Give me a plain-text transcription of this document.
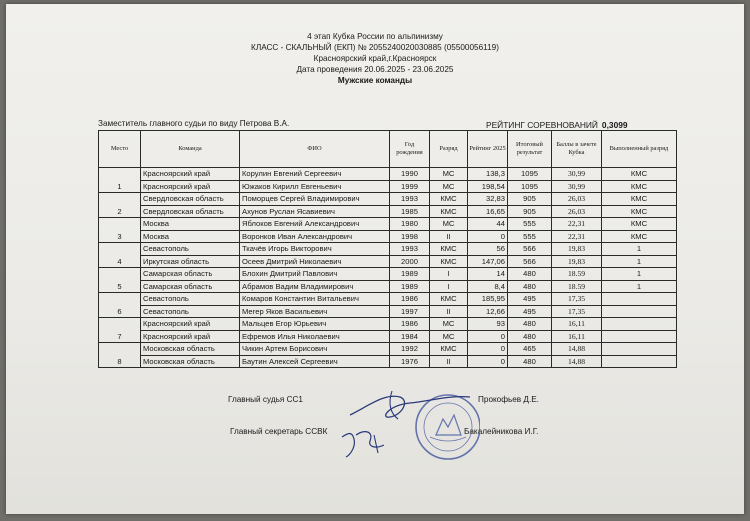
4 этап Кубка России по альпинизму
КЛАСС - СКАЛЬНЫЙ (ЕКП) № 2055240020030885 (05500056119)
Красноярский край,г.Красноярск
Дата проведения 20.06.2025 - 23.06.2025
Мужские команды
Заместитель главного судьи по виду Петрова В.А.	РЕЙТИНГ СОРЕВНОВАНИЙ 0,3099
Место	Команда	ФИО	Год рождения	Разряд	Рейтинг 2025	Итоговый результат	Баллы в зачете Кубка	Выполненный разряд
1	Красноярский край	Корулин Евгений Сергеевич	1990	МС	138,3	1095	30,99	КМС
	Красноярский край	Южаков Кирилл Евгеньевич	1999	МС	198,54	1095	30,99	КМС
2	Свердловская область	Поморцев Сергей Владимирович	1993	КМС	32,83	905	26,03	КМС
	Свердловская область	Ахунов Руслан Ясавиевич	1985	КМС	16,65	905	26,03	КМС
3	Москва	Яблоков Евгений Александрович	1980	МС	44	555	22,31	КМС
	Москва	Воронков Иван Александрович	1998	II	0	555	22,31	КМС
4	Севастополь	Ткачёв Игорь Викторович	1993	КМС	56	566	19,83	1
	Иркутская область	Осеев Дмитрий Николаевич	2000	КМС	147,06	566	19,83	1
5	Самарская область	Блохин Дмитрий Павлович	1989	I	14	480	18.59	1
	Самарская область	Абрамов Вадим Владимирович	1989	I	8,4	480	18.59	1
6	Севастополь	Комаров Константин Витальевич	1986	КМС	185,95	495	17,35	
	Севастополь	Мегер Яков Васильевич	1997	II	12,66	495	17,35	
7	Красноярский край	Мальцев Егор Юрьевич	1986	МС	93	480	16,11	
	Красноярский край	Ефремов Илья Николаевич	1984	МС	0	480	16,11	
8	Московская область	Чикин Артем Борисович	1992	КМС	0	465	14,88	
	Московская область	Баутин Алексей Сергеевич	1976	II	0	480	14,88	
Главный судья СС1	Прокофьев Д.Е.
Главный секретарь ССВК	Бакалейникова И.Г.
